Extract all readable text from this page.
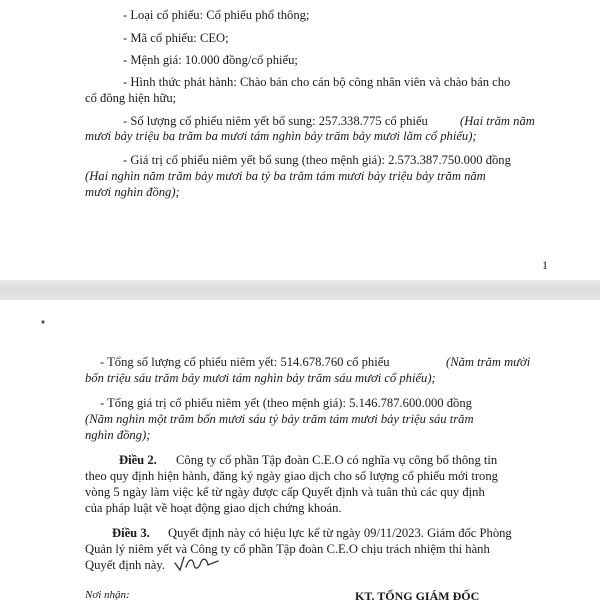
- Loại cổ phiếu: Cổ phiếu phổ thông;

- Mã cổ phiếu: CEO;

- Mệnh giá: 10.000 đồng/cổ phiếu;

- Hình thức phát hành: Chào bán cho cán bộ công nhân viên và chào bán cho

cổ đông hiện hữu;

- Số lượng cổ phiếu niêm yết bổ sung: 257.338.775 cổ phiếu	(Hai trăm năm

mươi bảy triệu ba trăm ba mươi tám nghìn bảy trăm bảy mươi lăm cổ phiếu);

- Giá trị cổ phiếu niêm yết bổ sung (theo mệnh giá): 2.573.387.750.000 đồng

(Hai nghìn năm trăm bảy mươi ba tỷ ba trăm tám mươi bảy triệu bảy trăm năm

mươi nghìn đồng);

1

- Tổng số lượng cổ phiếu niêm yết: 514.678.760 cổ phiếu	(Năm trăm mười

bốn triệu sáu trăm bảy mươi tám nghìn bảy trăm sáu mươi cổ phiếu);

- Tổng giá trị cổ phiếu niêm yết (theo mệnh giá): 5.146.787.600.000 đồng

(Năm nghìn một trăm bốn mươi sáu tỷ bảy trăm tám mươi bảy triệu sáu trăm

nghìn đồng);

Điều 2. Công ty cổ phần Tập đoàn C.E.O có nghĩa vụ công bố thông tin

theo quy định hiện hành, đăng ký ngày giao dịch cho số lượng cổ phiếu mới trong

vòng 5 ngày làm việc kể từ ngày được cấp Quyết định và tuân thủ các quy định

của pháp luật về hoạt động giao dịch chứng khoán.

Điều 3. Quyết định này có hiệu lực kể từ ngày 09/11/2023. Giám đốc Phòng

Quản lý niêm yết và Công ty cổ phần Tập đoàn C.E.O chịu trách nhiệm thi hành

Quyết định này.

Nơi nhận:	KT. TỔNG GIÁM ĐỐC
